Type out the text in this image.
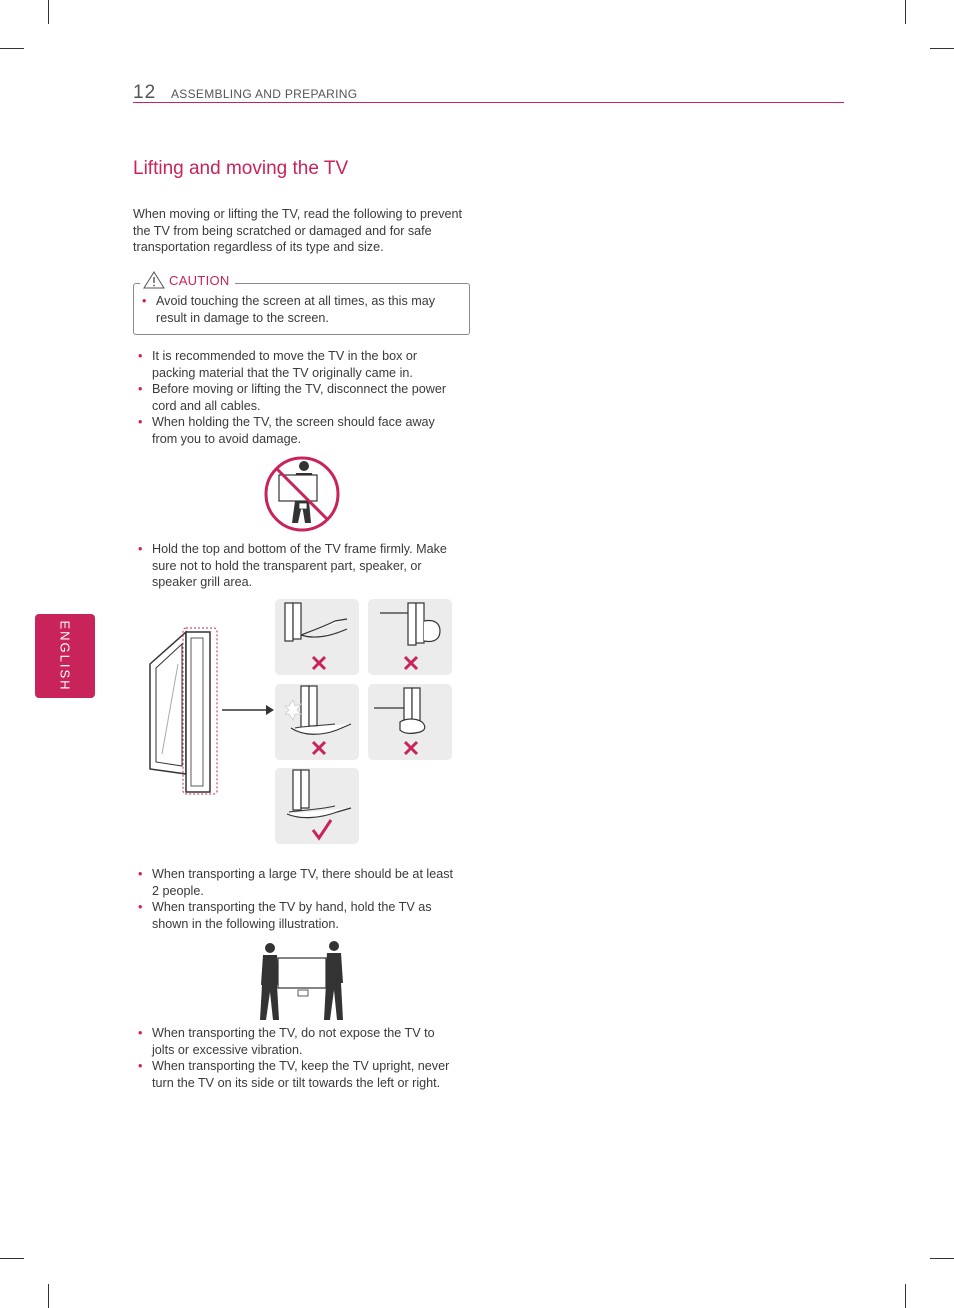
12 ASSEMBLING AND PREPARING
Lifting and moving the TV

When moving or lifting the TV, read the following to prevent the TV from being scratched or damaged and for safe transportation regardless of its type and size.

CAUTION
• Avoid touching the screen at all times, as this may result in damage to the screen.
• It is recommended to move the TV in the box or packing material that the TV originally came in.
• Before moving or lifting the TV, disconnect the power cord and all cables.
• When holding the TV, the screen should face away from you to avoid damage.
• Hold the top and bottom of the TV frame firmly. Make sure not to hold the transparent part, speaker, or speaker grill area.
• When transporting a large TV, there should be at least 2 people.
• When transporting the TV by hand, hold the TV as shown in the following illustration.
• When transporting the TV, do not expose the TV to jolts or excessive vibration.
• When transporting the TV, keep the TV upright, never turn the TV on its side or tilt towards the left or right.
ENGLISH
